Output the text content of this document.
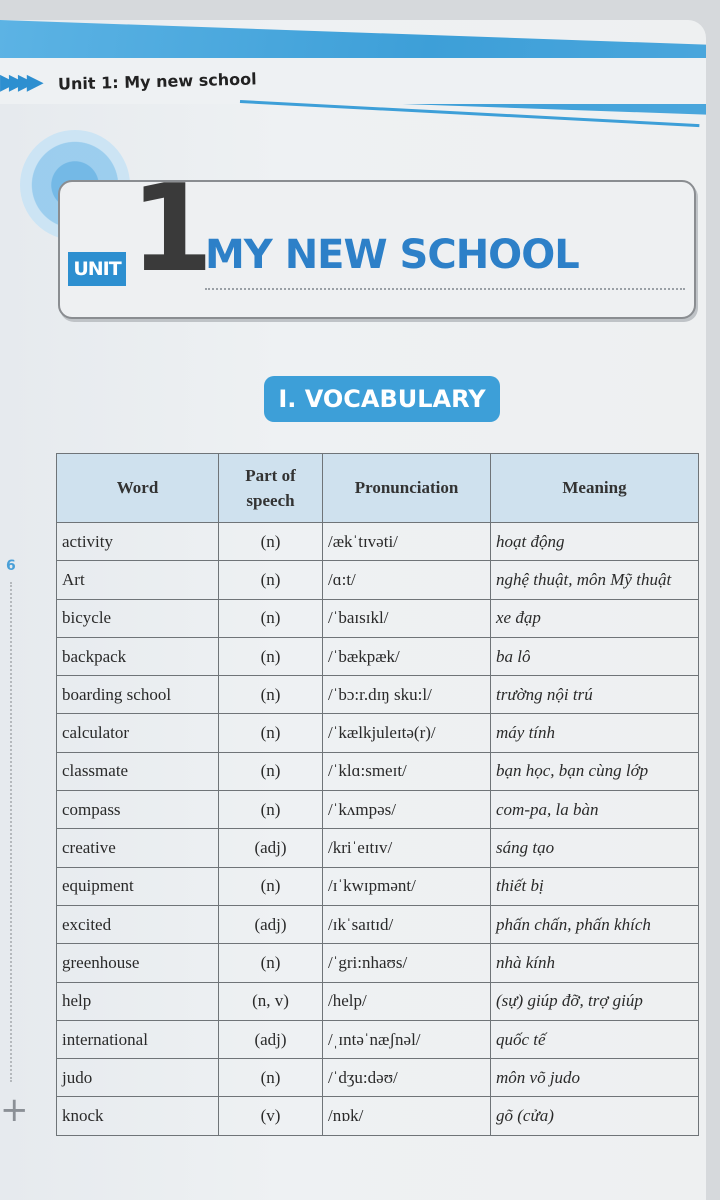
▶▶▶▶ Unit 1: My new school
UNIT 1
MY NEW SCHOOL
I. VOCABULARY
6
+
Word	Part of speech	Pronunciation	Meaning
activity	(n)	/ækˈtɪvəti/	hoạt động
Art	(n)	/ɑ:t/	nghệ thuật, môn Mỹ thuật
bicycle	(n)	/ˈbaɪsɪkl/	xe đạp
backpack	(n)	/ˈbækpæk/	ba lô
boarding school	(n)	/ˈbɔ:r.dɪŋ sku:l/	trường nội trú
calculator	(n)	/ˈkælkjuleɪtə(r)/	máy tính
classmate	(n)	/ˈklɑ:smeɪt/	bạn học, bạn cùng lớp
compass	(n)	/ˈkʌmpəs/	com-pa, la bàn
creative	(adj)	/kriˈeɪtɪv/	sáng tạo
equipment	(n)	/ɪˈkwɪpmənt/	thiết bị
excited	(adj)	/ɪkˈsaɪtɪd/	phấn chấn, phấn khích
greenhouse	(n)	/ˈgri:nhaʊs/	nhà kính
help	(n, v)	/help/	(sự) giúp đỡ, trợ giúp
international	(adj)	/ˌɪntəˈnæʃnəl/	quốc tế
judo	(n)	/ˈdʒu:dəʊ/	môn võ judo
knock	(v)	/nɒk/	gõ (cửa)
